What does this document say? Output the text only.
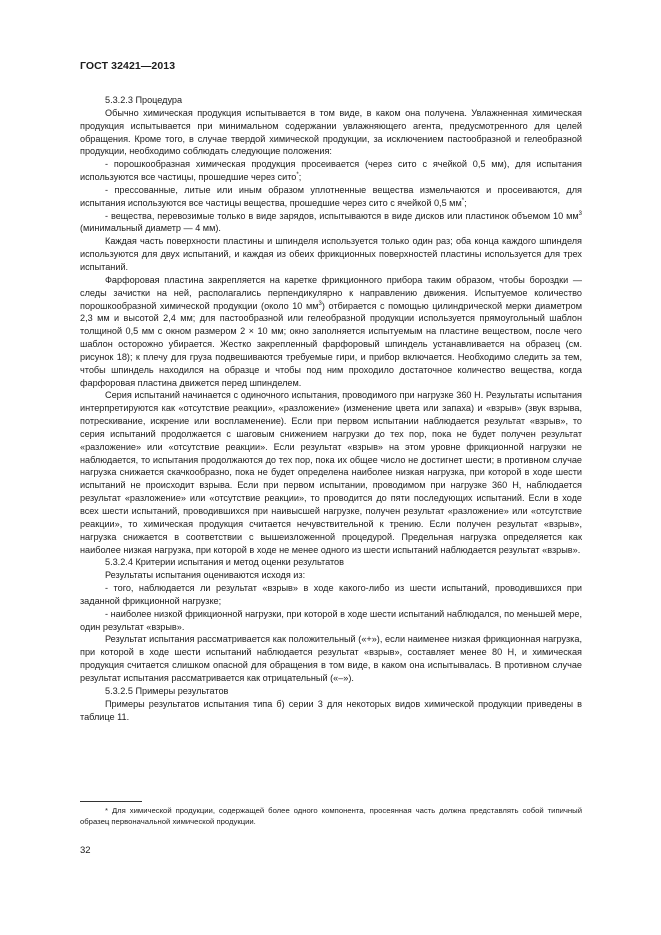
ГОСТ 32421—2013

5.3.2.3 Процедура

Обычно химическая продукция испытывается в том виде, в каком она получена. Увлажненная химическая продукция испытывается при минимальном содержании увлажняющего агента, предусмотренного для целей обращения. Кроме того, в случае твердой химической продукции, за исключением пастообразной и гелеобразной продукции, необходимо соблюдать следующие положения:

- порошкообразная химическая продукция просеивается (через сито с ячейкой 0,5 мм), для испытания используются все частицы, прошедшие через сито*;

- прессованные, литые или иным образом уплотненные вещества измельчаются и просеиваются, для испытания используются все частицы вещества, прошедшие через сито с ячейкой 0,5 мм*;

- вещества, перевозимые только в виде зарядов, испытываются в виде дисков или пластинок объемом 10 $мм^3$ (минимальный диаметр — 4 мм).

Каждая часть поверхности пластины и шпинделя используется только один раз; оба конца каждого шпинделя используются для двух испытаний, и каждая из обеих фрикционных поверхностей пластины используется для трех испытаний.

Фарфоровая пластина закрепляется на каретке фрикционного прибора таким образом, чтобы бороздки — следы зачистки на ней, располагались перпендикулярно к направлению движения. Испытуемое количество порошкообразной химической продукции (около 10 $мм^3$) отбирается с помощью цилиндрической мерки диаметром 2,3 мм и высотой 2,4 мм; для пастообразной или гелеобразной продукции используется прямоугольный шаблон толщиной 0,5 мм с окном размером 2 × 10 мм; окно заполняется испытуемым на пластине веществом, после чего шаблон осторожно убирается. Жестко закрепленный фарфоровый шпиндель устанавливается на образец (см. рисунок 18); к плечу для груза подвешиваются требуемые гири, и прибор включается. Необходимо следить за тем, чтобы шпиндель находился на образце и чтобы под ним проходило достаточное количество вещества, когда фарфоровая пластина движется перед шпинделем.

Серия испытаний начинается с одиночного испытания, проводимого при нагрузке 360 Н. Результаты испытания интерпретируются как «отсутствие реакции», «разложение» (изменение цвета или запаха) и «взрыв» (звук взрыва, потрескивание, искрение или воспламенение). Если при первом испытании наблюдается результат «взрыв», то серия испытаний продолжается с шаговым снижением нагрузки до тех пор, пока не будет получен результат «разложение» или «отсутствие реакции». Если результат «взрыв» на этом уровне фрикционной нагрузки не наблюдается, то испытания продолжаются до тех пор, пока их общее число не достигнет шести; в противном случае нагрузка снижается скачкообразно, пока не будет определена наиболее низкая нагрузка, при которой в ходе шести испытаний не происходит взрыва. Если при первом испытании, проводимом при нагрузке 360 Н, наблюдается результат «разложение» или «отсутствие реакции», то проводится до пяти последующих испытаний. Если в ходе всех шести испытаний, проводившихся при наивысшей нагрузке, получен результат «разложение» или «отсутствие реакции», то химическая продукция считается нечувствительной к трению. Если получен результат «взрыв», нагрузка снижается в соответствии с вышеизложенной процедурой. Предельная нагрузка определяется как наиболее низкая нагрузка, при которой в ходе не менее одного из шести испытаний наблюдается результат «взрыв».

5.3.2.4 Критерии испытания и метод оценки результатов

Результаты испытания оцениваются исходя из:

- того, наблюдается ли результат «взрыв» в ходе какого-либо из шести испытаний, проводившихся при заданной фрикционной нагрузке;

- наиболее низкой фрикционной нагрузки, при которой в ходе шести испытаний наблюдался, по меньшей мере, один результат «взрыв».

Результат испытания рассматривается как положительный («+»), если наименее низкая фрикционная нагрузка, при которой в ходе шести испытаний наблюдается результат «взрыв», составляет менее 80 Н, и химическая продукция считается слишком опасной для обращения в том виде, в каком она испытывалась. В противном случае результат испытания рассматривается как отрицательный («–»).

5.3.2.5 Примеры результатов

Примеры результатов испытания типа б) серии 3 для некоторых видов химической продукции приведены в таблице 11.

* Для химической продукции, содержащей более одного компонента, просеянная часть должна представлять собой типичный образец первоначальной химической продукции.

32
